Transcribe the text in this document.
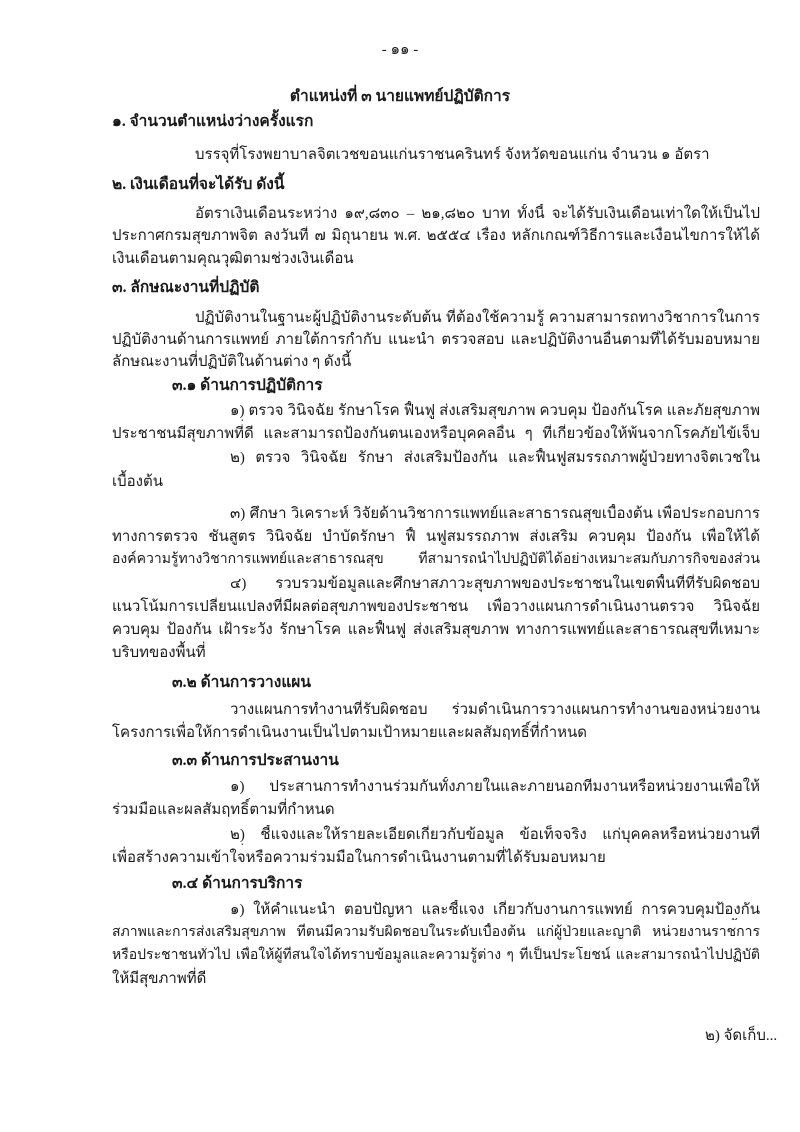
- ๑๑ -
ตำแหน่งที่ ๓ นายแพทย์ปฏิบัติการ
๑. จำนวนตำแหน่งว่างครั้งแรก
บรรจุที่โรงพยาบาลจิตเวชขอนแก่นราชนครินทร์ จังหวัดขอนแก่น จำนวน ๑ อัตรา
๒. เงินเดือนที่จะได้รับ ดังนี้
อัตราเงินเดือนระหว่าง ๑๙,๘๓๐ – ๒๑,๘๒๐ บาท ทั้งนี้ จะได้รับเงินเดือนเท่าใดให้เป็นไป
ประกาศกรมสุขภาพจิต ลงวันที่ ๗ มิถุนายน พ.ศ. ๒๕๕๔ เรื่อง หลักเกณฑ์วิธีการและเงื่อนไขการให้ได้
เงินเดือนตามคุณวุฒิตามช่วงเงินเดือน
๓. ลักษณะงานที่ปฏิบัติ
ปฏิบัติงานในฐานะผู้ปฏิบัติงานระดับต้น ที่ต้องใช้ความรู้ ความสามารถทางวิชาการในการ
ปฏิบัติงานด้านการแพทย์ ภายใต้การกำกับ แนะนำ ตรวจสอบ และปฏิบัติงานอื่นตามที่ได้รับมอบหมาย
ลักษณะงานที่ปฏิบัติในด้านต่าง ๆ ดังนี้
๓.๑ ด้านการปฏิบัติการ
๑) ตรวจ วินิจฉัย รักษาโรค ฟื้นฟู ส่งเสริมสุขภาพ ควบคุม ป้องกันโรค และภัยสุขภาพ
ประชาชนมีสุขภาพที่ดี และสามารถป้องกันตนเองหรือบุคคลอื่น ๆ ที่เกี่ยวข้องให้พ้นจากโรคภัยไข้เจ็บ
๒) ตรวจ วินิจฉัย รักษา ส่งเสริมป้องกัน และฟื้นฟูสมรรถภาพผู้ป่วยทางจิตเวชใน
เบื้องต้น
๓) ศึกษา วิเคราะห์ วิจัยด้านวิชาการแพทย์และสาธารณสุขเบื้องต้น เพื่อประกอบการ
ทางการตรวจ ชันสูตร วินิจฉัย บำบัดรักษา ฟื้ นฟูสมรรถภาพ ส่งเสริม ควบคุม ป้องกัน เพื่อให้ได้
องค์ความรู้ทางวิชาการแพทย์และสาธารณสุข ที่สามารถนำไปปฏิบัติได้อย่างเหมาะสมกับภารกิจของส่วน
๔) รวบรวมข้อมูลและศึกษาสภาวะสุขภาพของประชาชนในเขตพื้นที่ที่รับผิดชอบ
แนวโน้มการเปลี่ยนแปลงที่มีผลต่อสุขภาพของประชาชน เพื่อวางแผนการดำเนินงานตรวจ วินิจฉัย
ควบคุม ป้องกัน เฝ้าระวัง รักษาโรค และฟื้นฟู ส่งเสริมสุขภาพ ทางการแพทย์และสาธารณสุขที่เหมาะ
บริบทของพื้นที่
๓.๒ ด้านการวางแผน
วางแผนการทำงานที่รับผิดชอบ ร่วมดำเนินการวางแผนการทำงานของหน่วยงาน
โครงการเพื่อให้การดำเนินงานเป็นไปตามเป้าหมายและผลสัมฤทธิ์ที่กำหนด
๓.๓ ด้านการประสานงาน
๑) ประสานการทำงานร่วมกันทั้งภายในและภายนอกทีมงานหรือหน่วยงานเพื่อให้
ร่วมมือและผลสัมฤทธิ์ตามที่กำหนด
๒) ชี้แจงและให้รายละเอียดเกี่ยวกับข้อมูล ข้อเท็จจริง แก่บุคคลหรือหน่วยงานที่
เพื่อสร้างความเข้าใจหรือความร่วมมือในการดำเนินงานตามที่ได้รับมอบหมาย
๓.๔ ด้านการบริการ
๑) ให้คำแนะนำ ตอบปัญหา และชี้แจง เกี่ยวกับงานการแพทย์ การควบคุมป้องกัน
สภาพและการส่งเสริมสุขภาพ ที่ตนมีความรับผิดชอบในระดับเบื้องต้น แก่ผู้ป่วยและญาติ หน่วยงานราชการ
หรือประชาชนทั่วไป เพื่อให้ผู้ที่สนใจได้ทราบข้อมูลและความรู้ต่าง ๆ ที่เป็นประโยชน์ และสามารถนำไปปฏิบัติ
ให้มีสุขภาพที่ดี
๒) จัดเก็บ...
